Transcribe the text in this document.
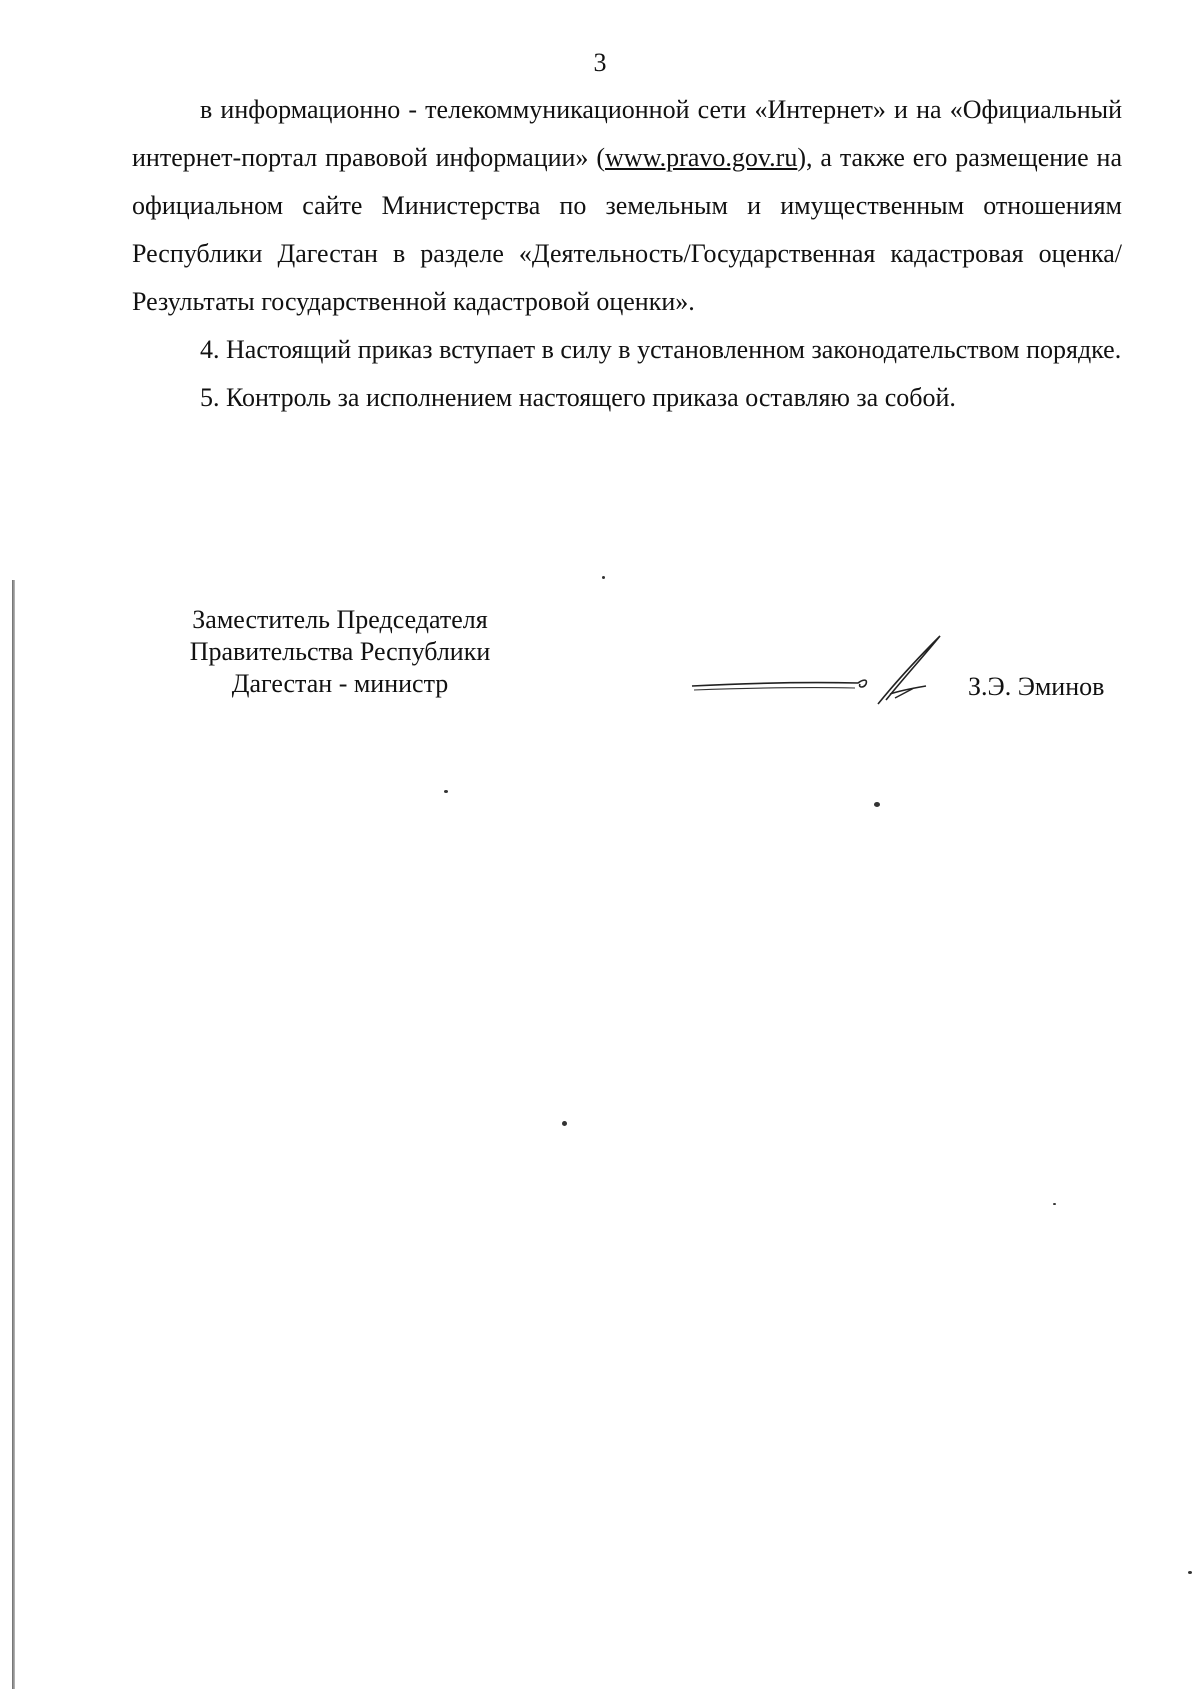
3

в информационно - телекоммуникационной сети «Интернет» и на «Официальный интернет-портал правовой информации» (www.pravo.gov.ru), а также его размещение на официальном сайте Министерства по земельным и имущественным отношениям Республики Дагестан в разделе «Деятельность/Государственная кадастровая оценка/Результаты государственной кадастровой оценки».

4. Настоящий приказ вступает в силу в установленном законодательством порядке.

5. Контроль за исполнением настоящего приказа оставляю за собой.

Заместитель Председателя
Правительства Республики
Дагестан - министр	З.Э. Эминов
